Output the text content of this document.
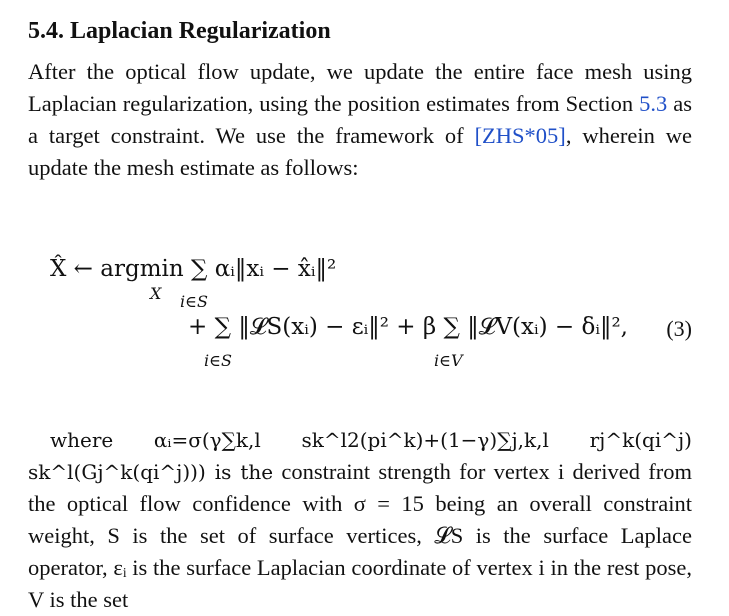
5.4. Laplacian Regularization

After the optical flow update, we update the entire face mesh using Laplacian regularization, using the position estimates from Section 5.3 as a target constraint. We use the framework of [ZHS*05], wherein we update the mesh estimate as follows:

X̂ ← argmin ∑ αᵢ‖xᵢ − x̂ᵢ‖²
X i∈S
+ ∑ ‖𝓛S(xᵢ) − εᵢ‖² + β ∑ ‖𝓛V(xᵢ) − δᵢ‖²,
i∈S	i∈V
(3)

where αᵢ=σ(γ∑k,l sk^l2(pi^k)+(1−γ)∑j,k,l rj^k(qi^j) sk^l(Gj^k(qi^j))) is the constraint strength for vertex i derived from the optical flow confidence with σ = 15 being an overall constraint weight, S is the set of surface vertices, 𝓛S is the surface Laplace operator, εᵢ is the surface Laplacian coordinate of vertex i in the rest pose, V is the set
